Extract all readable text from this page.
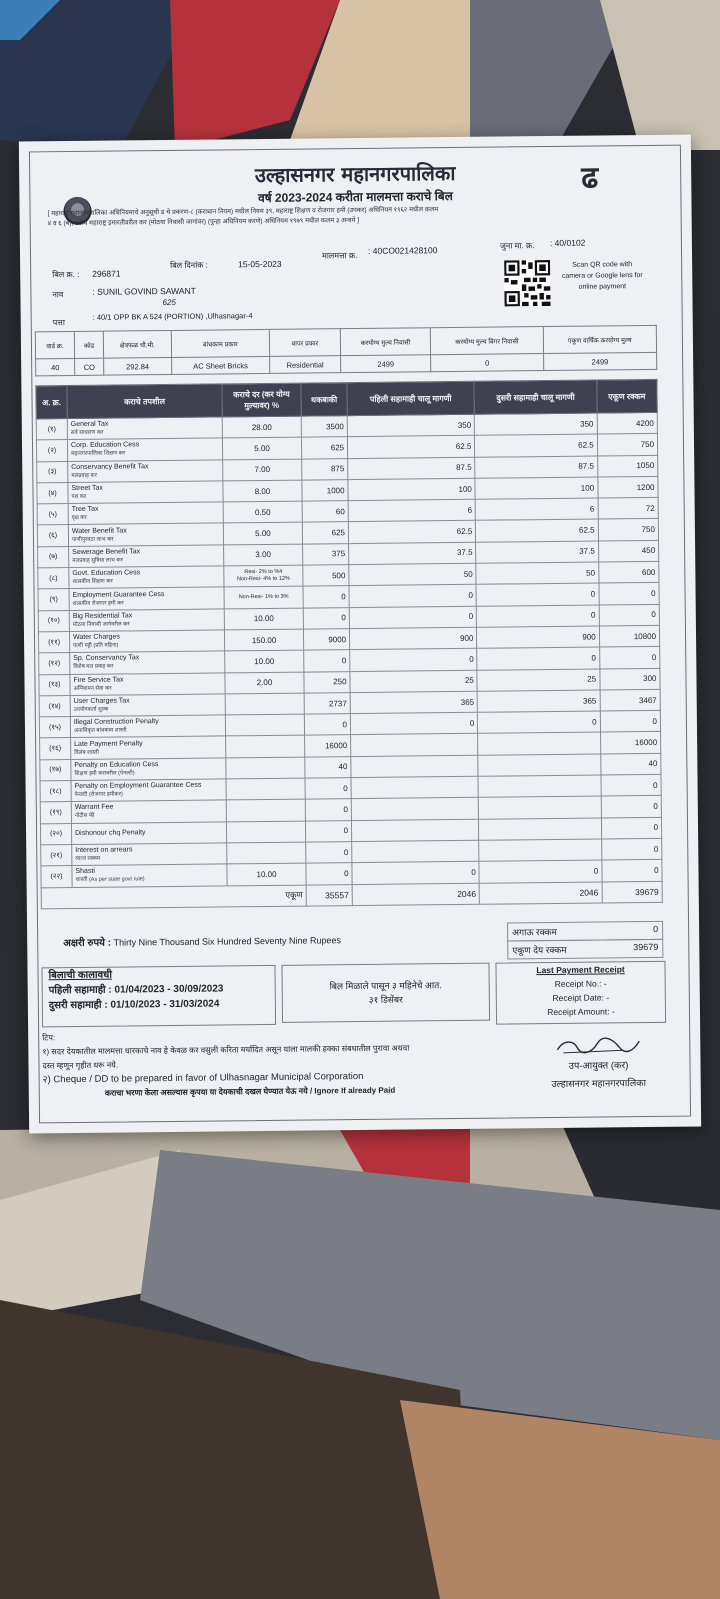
ढ
उल्हासनगर महानगरपालिका
वर्ष 2023-2024 करीता मालमत्ता कराचे बिल
[ महाराष्ट्र महानगरपालिका अधिनियमाचे अनुसूची ड चे प्रकरण-८ (कराधान नियम) मधील नियम ३९, महाराष्ट्र शिक्षण व रोजगार हमी (उपकर) अधिनियम १९६२ मधील कलम
४ व ६ (ब), तसेच महाराष्ट्र इमारतीवरील कर (मोठया निवासी जागांवर) (पुन्हा अधिनियम करणे) अधिनियम १९७९ मधील कलम ३ अन्वये ]
बिल क्र. : 296871
बिल दिनांक :	15-05-2023
मालमत्ता क्र. : 40CO021428100	जुना मा. क्र. : 40/0102
नाव	: SUNIL GOVIND SAWANT
625
पत्ता
: 40/1 OPP BK A 524 (PORTION) ,Ulhasnagar-4
Scan QR code with camera or Google lens for online payment
वार्ड क्र.	कोड	क्षेत्रफळ चौ.मी.	बांधकाम प्रकार	वापर प्रकार	करयोग्य मुल्य निवासी	करयोग्य मुल्य बिगर निवासी	एकूण वार्षिक करयोग्य मुल्य
40	CO	292.84	AC Sheet Bricks	Residential	2499	0	2499
अ. क्र.	कराचे तपशील	कराचे दर (कर योग्य मुल्यावर) %	थकबाकी	पहिली सहामाही चालू मागणी	दुसरी सहामाही चालू मागणी	एकूण रक्कम
(१)	General Tax
सर्व साधारण कर	28.00	3500	350	350	4200
(२)	Corp. Education Cess
महानगरपालिका शिक्षण कर	5.00	625	62.5	62.5	750
(३)	Conservancy Benefit Tax
मलप्रवाह कर	7.00	875	87.5	87.5	1050
(४)	Street Tax
पथ कर	8.00	1000	100	100	1200
(५)	Tree Tax
वृक्ष कर	0.50	60	6	6	72
(६)	Water Benefit Tax
पाणीपुरवठा लाभ कर	5.00	625	62.5	62.5	750
(७)	Sewerage Benefit Tax
मलप्रवाह सुविधा लाभ कर	3.00	375	37.5	37.5	450
(८)	Govt. Education Cess
शासकीय शिक्षण कर	Resi- 2% to %4
Non-Resi- 4% to 12%	500	50	50	600
(९)	Employment Guarantee Cess
शासकीय रोजगार हमी कर	Non-Resi- 1% to 3%	0	0	0	0
(१०)	Big Residential Tax
मोठया निवासी जागेवरील कर	10.00	0	0	0	0
(११)	Water Charges
पाणी पट्टी (प्रति महिना)	150.00	9000	900	900	10800
(१२)	Sp. Conservancy Tax
विशेष मल प्रवाह कर	10.00	0	0	0	0
(१३)	Fire Service Tax
अग्निशमन सेवा कर	2.00	250	25	25	300
(१४)	User Charges Tax
उपयोगकर्ता शुल्क		2737	365	365	3467
(१५)	Illegal Construction Penalty
अनाधिकृत बांधकाम शास्ती		0	0	0	0
(१६)	Late Payment Penalty
विलंब शास्ती		16000			16000
(१७)	Penalty on Education Cess
शिक्षण हमी करावरील (पेनल्टी)		40			40
(१८)	Penalty on Employment Guarantee Cess
पेनल्टी (रोजगार हमीकर)		0			0
(१९)	Warrant Fee
नोटीस फी		0			0
(२०)	Dishonour chq Penalty		0			0
(२१)	Interest on arrears
व्याज रक्कम		0			0
(२२)	Shasti
शास्ती (As per state govt rule)	10.00	0	0	0	0
एकूण			35557	2046	2046	39679
अक्षरी रुपये : Thirty Nine Thousand Six Hundred Seventy Nine Rupees
अगाऊ रक्कम	0
एकूण देय रक्कम	39679
बिलाची कालावधी
पहिली सहामाही : 01/04/2023 - 30/09/2023
दुसरी सहामाही : 01/10/2023 - 31/03/2024
बिल मिळाले पासून ३ महिनेचे आत.
३१ डिसेंबर
Last Payment Receipt
Receipt No.: -
Receipt Date: -
Receipt Amount: -
टिप:
१) सदर देयकातील मालमत्ता धारकाचे नाव हे केवळ कर वसुली करिता मर्यादित असून याला मालकी हक्का संबधातील पुरावा अथवा
दस्त म्हणून गृहीत धरू नये.
२) Cheque / DD to be prepared in favor of Ulhasnagar Municipal Corporation
कराचा भरणा केला असल्यास कृपया या देयकाची दखल घेण्यात येऊ नये / Ignore If already Paid
उप-आयुक्त (कर)
उल्हासनगर महानगरपालिका
